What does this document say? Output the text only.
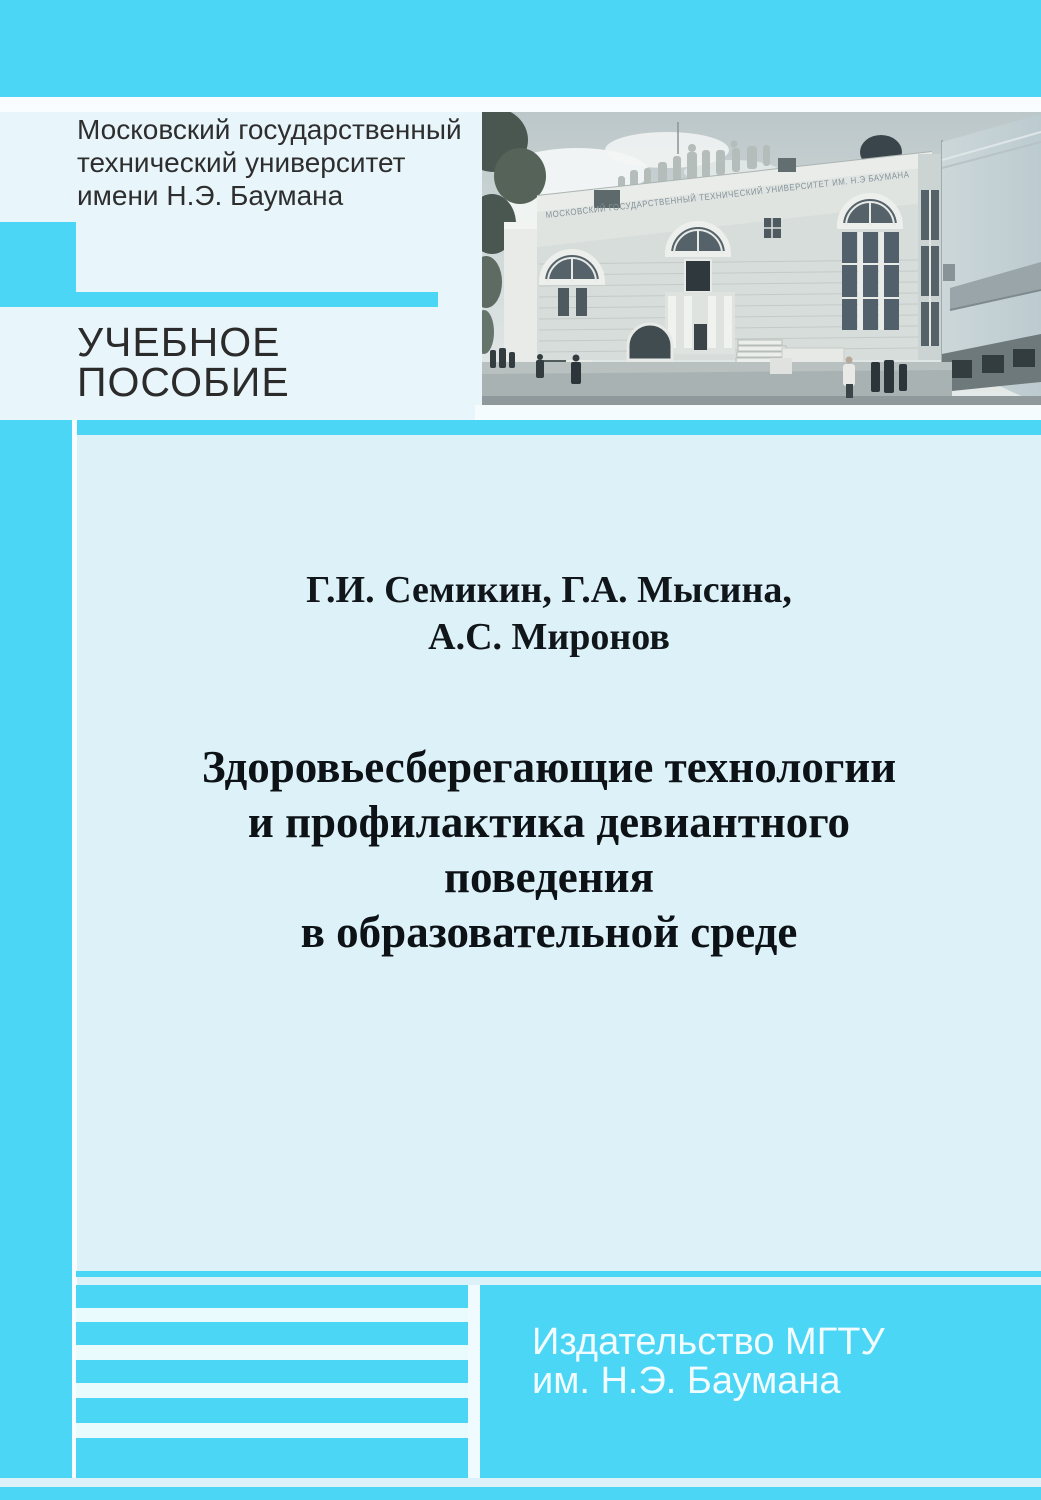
Московский государственный
технический университет
имени Н.Э. Баумана
УЧЕБНОЕ
ПОСОБИЕ
МОСКОВСКИЙ ГОСУДАРСТВЕННЫЙ ТЕХНИЧЕСКИЙ УНИВЕРСИТЕТ ИМ. Н.Э БАУМАНА
Г.И. Семикин, Г.А. Мысина,
А.С. Миронов
Здоровьесберегающие технологии
и профилактика девиантного
поведения
в образовательной среде
Издательство МГТУ
им. Н.Э. Баумана
